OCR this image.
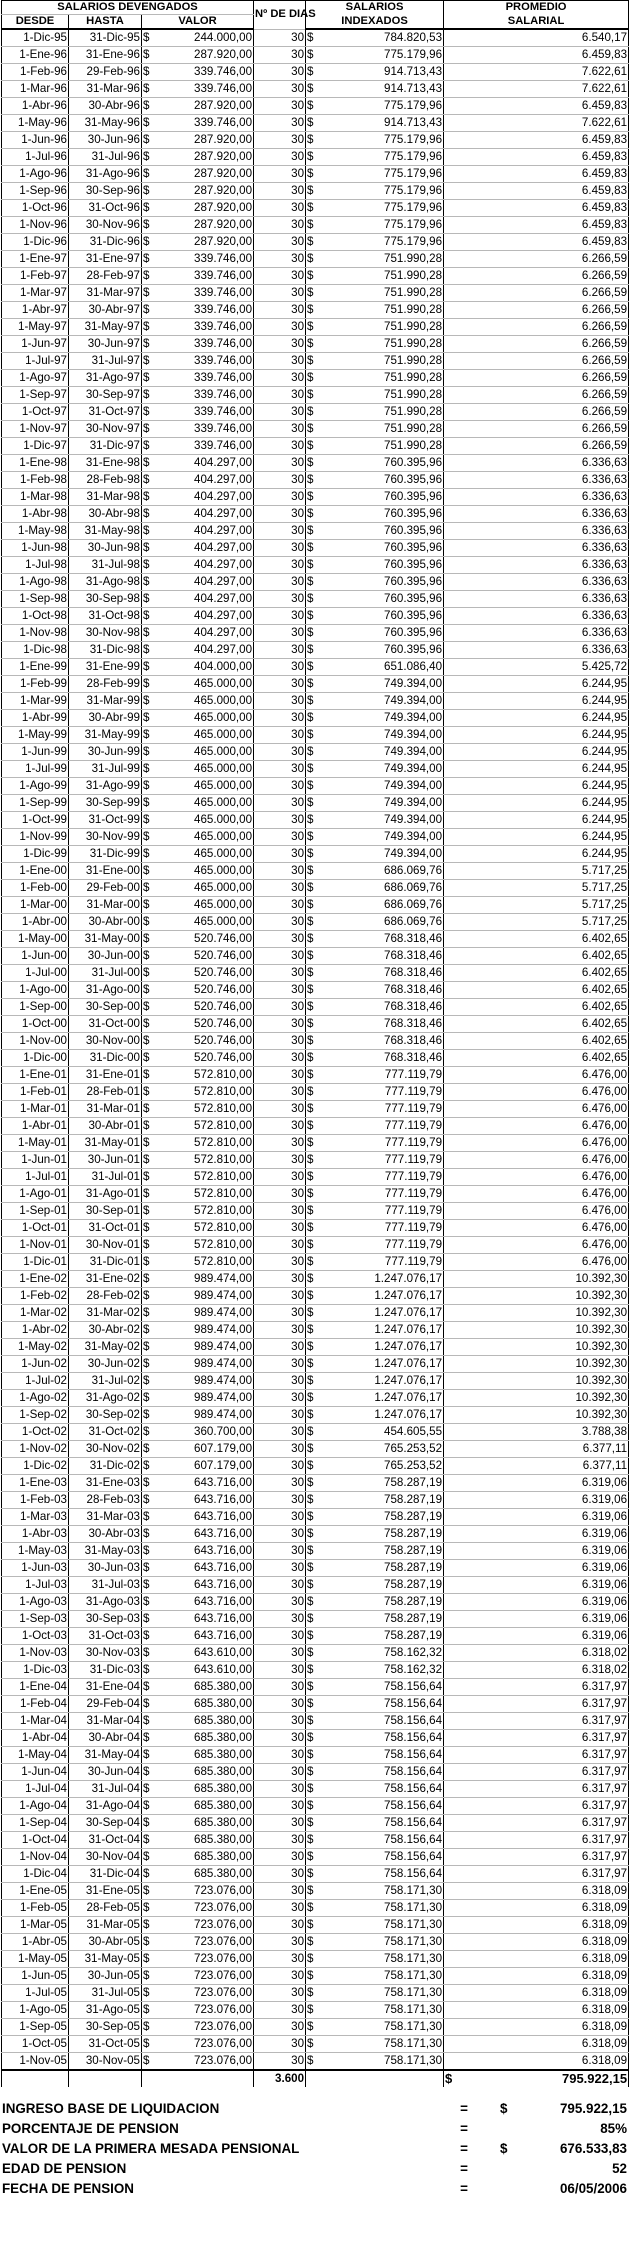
SALARIOS DEVENGADOS				Nº DE DIAS	SALARIOS		PROMEDIO	
DESDE	HASTA	VALOR			INDEXADOS		SALARIAL	
1-Dic-95	31-Dic-95	$	244.000,00	30	$	784.820,53		6.540,17
1-Ene-96	31-Ene-96	$	287.920,00	30	$	775.179,96		6.459,83
1-Feb-96	29-Feb-96	$	339.746,00	30	$	914.713,43		7.622,61
1-Mar-96	31-Mar-96	$	339.746,00	30	$	914.713,43		7.622,61
1-Abr-96	30-Abr-96	$	287.920,00	30	$	775.179,96		6.459,83
1-May-96	31-May-96	$	339.746,00	30	$	914.713,43		7.622,61
1-Jun-96	30-Jun-96	$	287.920,00	30	$	775.179,96		6.459,83
1-Jul-96	31-Jul-96	$	287.920,00	30	$	775.179,96		6.459,83
1-Ago-96	31-Ago-96	$	287.920,00	30	$	775.179,96		6.459,83
1-Sep-96	30-Sep-96	$	287.920,00	30	$	775.179,96		6.459,83
1-Oct-96	31-Oct-96	$	287.920,00	30	$	775.179,96		6.459,83
1-Nov-96	30-Nov-96	$	287.920,00	30	$	775.179,96		6.459,83
1-Dic-96	31-Dic-96	$	287.920,00	30	$	775.179,96		6.459,83
1-Ene-97	31-Ene-97	$	339.746,00	30	$	751.990,28		6.266,59
1-Feb-97	28-Feb-97	$	339.746,00	30	$	751.990,28		6.266,59
1-Mar-97	31-Mar-97	$	339.746,00	30	$	751.990,28		6.266,59
1-Abr-97	30-Abr-97	$	339.746,00	30	$	751.990,28		6.266,59
1-May-97	31-May-97	$	339.746,00	30	$	751.990,28		6.266,59
1-Jun-97	30-Jun-97	$	339.746,00	30	$	751.990,28		6.266,59
1-Jul-97	31-Jul-97	$	339.746,00	30	$	751.990,28		6.266,59
1-Ago-97	31-Ago-97	$	339.746,00	30	$	751.990,28		6.266,59
1-Sep-97	30-Sep-97	$	339.746,00	30	$	751.990,28		6.266,59
1-Oct-97	31-Oct-97	$	339.746,00	30	$	751.990,28		6.266,59
1-Nov-97	30-Nov-97	$	339.746,00	30	$	751.990,28		6.266,59
1-Dic-97	31-Dic-97	$	339.746,00	30	$	751.990,28		6.266,59
1-Ene-98	31-Ene-98	$	404.297,00	30	$	760.395,96		6.336,63
1-Feb-98	28-Feb-98	$	404.297,00	30	$	760.395,96		6.336,63
1-Mar-98	31-Mar-98	$	404.297,00	30	$	760.395,96		6.336,63
1-Abr-98	30-Abr-98	$	404.297,00	30	$	760.395,96		6.336,63
1-May-98	31-May-98	$	404.297,00	30	$	760.395,96		6.336,63
1-Jun-98	30-Jun-98	$	404.297,00	30	$	760.395,96		6.336,63
1-Jul-98	31-Jul-98	$	404.297,00	30	$	760.395,96		6.336,63
1-Ago-98	31-Ago-98	$	404.297,00	30	$	760.395,96		6.336,63
1-Sep-98	30-Sep-98	$	404.297,00	30	$	760.395,96		6.336,63
1-Oct-98	31-Oct-98	$	404.297,00	30	$	760.395,96		6.336,63
1-Nov-98	30-Nov-98	$	404.297,00	30	$	760.395,96		6.336,63
1-Dic-98	31-Dic-98	$	404.297,00	30	$	760.395,96		6.336,63
1-Ene-99	31-Ene-99	$	404.000,00	30	$	651.086,40		5.425,72
1-Feb-99	28-Feb-99	$	465.000,00	30	$	749.394,00		6.244,95
1-Mar-99	31-Mar-99	$	465.000,00	30	$	749.394,00		6.244,95
1-Abr-99	30-Abr-99	$	465.000,00	30	$	749.394,00		6.244,95
1-May-99	31-May-99	$	465.000,00	30	$	749.394,00		6.244,95
1-Jun-99	30-Jun-99	$	465.000,00	30	$	749.394,00		6.244,95
1-Jul-99	31-Jul-99	$	465.000,00	30	$	749.394,00		6.244,95
1-Ago-99	31-Ago-99	$	465.000,00	30	$	749.394,00		6.244,95
1-Sep-99	30-Sep-99	$	465.000,00	30	$	749.394,00		6.244,95
1-Oct-99	31-Oct-99	$	465.000,00	30	$	749.394,00		6.244,95
1-Nov-99	30-Nov-99	$	465.000,00	30	$	749.394,00		6.244,95
1-Dic-99	31-Dic-99	$	465.000,00	30	$	749.394,00		6.244,95
1-Ene-00	31-Ene-00	$	465.000,00	30	$	686.069,76		5.717,25
1-Feb-00	29-Feb-00	$	465.000,00	30	$	686.069,76		5.717,25
1-Mar-00	31-Mar-00	$	465.000,00	30	$	686.069,76		5.717,25
1-Abr-00	30-Abr-00	$	465.000,00	30	$	686.069,76		5.717,25
1-May-00	31-May-00	$	520.746,00	30	$	768.318,46		6.402,65
1-Jun-00	30-Jun-00	$	520.746,00	30	$	768.318,46		6.402,65
1-Jul-00	31-Jul-00	$	520.746,00	30	$	768.318,46		6.402,65
1-Ago-00	31-Ago-00	$	520.746,00	30	$	768.318,46		6.402,65
1-Sep-00	30-Sep-00	$	520.746,00	30	$	768.318,46		6.402,65
1-Oct-00	31-Oct-00	$	520.746,00	30	$	768.318,46		6.402,65
1-Nov-00	30-Nov-00	$	520.746,00	30	$	768.318,46		6.402,65
1-Dic-00	31-Dic-00	$	520.746,00	30	$	768.318,46		6.402,65
1-Ene-01	31-Ene-01	$	572.810,00	30	$	777.119,79		6.476,00
1-Feb-01	28-Feb-01	$	572.810,00	30	$	777.119,79		6.476,00
1-Mar-01	31-Mar-01	$	572.810,00	30	$	777.119,79		6.476,00
1-Abr-01	30-Abr-01	$	572.810,00	30	$	777.119,79		6.476,00
1-May-01	31-May-01	$	572.810,00	30	$	777.119,79		6.476,00
1-Jun-01	30-Jun-01	$	572.810,00	30	$	777.119,79		6.476,00
1-Jul-01	31-Jul-01	$	572.810,00	30	$	777.119,79		6.476,00
1-Ago-01	31-Ago-01	$	572.810,00	30	$	777.119,79		6.476,00
1-Sep-01	30-Sep-01	$	572.810,00	30	$	777.119,79		6.476,00
1-Oct-01	31-Oct-01	$	572.810,00	30	$	777.119,79		6.476,00
1-Nov-01	30-Nov-01	$	572.810,00	30	$	777.119,79		6.476,00
1-Dic-01	31-Dic-01	$	572.810,00	30	$	777.119,79		6.476,00
1-Ene-02	31-Ene-02	$	989.474,00	30	$	1.247.076,17		10.392,30
1-Feb-02	28-Feb-02	$	989.474,00	30	$	1.247.076,17		10.392,30
1-Mar-02	31-Mar-02	$	989.474,00	30	$	1.247.076,17		10.392,30
1-Abr-02	30-Abr-02	$	989.474,00	30	$	1.247.076,17		10.392,30
1-May-02	31-May-02	$	989.474,00	30	$	1.247.076,17		10.392,30
1-Jun-02	30-Jun-02	$	989.474,00	30	$	1.247.076,17		10.392,30
1-Jul-02	31-Jul-02	$	989.474,00	30	$	1.247.076,17		10.392,30
1-Ago-02	31-Ago-02	$	989.474,00	30	$	1.247.076,17		10.392,30
1-Sep-02	30-Sep-02	$	989.474,00	30	$	1.247.076,17		10.392,30
1-Oct-02	31-Oct-02	$	360.700,00	30	$	454.605,55		3.788,38
1-Nov-02	30-Nov-02	$	607.179,00	30	$	765.253,52		6.377,11
1-Dic-02	31-Dic-02	$	607.179,00	30	$	765.253,52		6.377,11
1-Ene-03	31-Ene-03	$	643.716,00	30	$	758.287,19		6.319,06
1-Feb-03	28-Feb-03	$	643.716,00	30	$	758.287,19		6.319,06
1-Mar-03	31-Mar-03	$	643.716,00	30	$	758.287,19		6.319,06
1-Abr-03	30-Abr-03	$	643.716,00	30	$	758.287,19		6.319,06
1-May-03	31-May-03	$	643.716,00	30	$	758.287,19		6.319,06
1-Jun-03	30-Jun-03	$	643.716,00	30	$	758.287,19		6.319,06
1-Jul-03	31-Jul-03	$	643.716,00	30	$	758.287,19		6.319,06
1-Ago-03	31-Ago-03	$	643.716,00	30	$	758.287,19		6.319,06
1-Sep-03	30-Sep-03	$	643.716,00	30	$	758.287,19		6.319,06
1-Oct-03	31-Oct-03	$	643.716,00	30	$	758.287,19		6.319,06
1-Nov-03	30-Nov-03	$	643.610,00	30	$	758.162,32		6.318,02
1-Dic-03	31-Dic-03	$	643.610,00	30	$	758.162,32		6.318,02
1-Ene-04	31-Ene-04	$	685.380,00	30	$	758.156,64		6.317,97
1-Feb-04	29-Feb-04	$	685.380,00	30	$	758.156,64		6.317,97
1-Mar-04	31-Mar-04	$	685.380,00	30	$	758.156,64		6.317,97
1-Abr-04	30-Abr-04	$	685.380,00	30	$	758.156,64		6.317,97
1-May-04	31-May-04	$	685.380,00	30	$	758.156,64		6.317,97
1-Jun-04	30-Jun-04	$	685.380,00	30	$	758.156,64		6.317,97
1-Jul-04	31-Jul-04	$	685.380,00	30	$	758.156,64		6.317,97
1-Ago-04	31-Ago-04	$	685.380,00	30	$	758.156,64		6.317,97
1-Sep-04	30-Sep-04	$	685.380,00	30	$	758.156,64		6.317,97
1-Oct-04	31-Oct-04	$	685.380,00	30	$	758.156,64		6.317,97
1-Nov-04	30-Nov-04	$	685.380,00	30	$	758.156,64		6.317,97
1-Dic-04	31-Dic-04	$	685.380,00	30	$	758.156,64		6.317,97
1-Ene-05	31-Ene-05	$	723.076,00	30	$	758.171,30		6.318,09
1-Feb-05	28-Feb-05	$	723.076,00	30	$	758.171,30		6.318,09
1-Mar-05	31-Mar-05	$	723.076,00	30	$	758.171,30		6.318,09
1-Abr-05	30-Abr-05	$	723.076,00	30	$	758.171,30		6.318,09
1-May-05	31-May-05	$	723.076,00	30	$	758.171,30		6.318,09
1-Jun-05	30-Jun-05	$	723.076,00	30	$	758.171,30		6.318,09
1-Jul-05	31-Jul-05	$	723.076,00	30	$	758.171,30		6.318,09
1-Ago-05	31-Ago-05	$	723.076,00	30	$	758.171,30		6.318,09
1-Sep-05	30-Sep-05	$	723.076,00	30	$	758.171,30		6.318,09
1-Oct-05	31-Oct-05	$	723.076,00	30	$	758.171,30		6.318,09
1-Nov-05	30-Nov-05	$	723.076,00	30	$	758.171,30		6.318,09
				3.600			$	795.922,15

INGRESO BASE DE LIQUIDACION	=	$	795.922,15
PORCENTAJE DE PENSION	=		85%
VALOR DE LA PRIMERA MESADA PENSIONAL	=	$	676.533,83
EDAD DE PENSION	=		52
FECHA DE PENSION	=		06/05/2006
